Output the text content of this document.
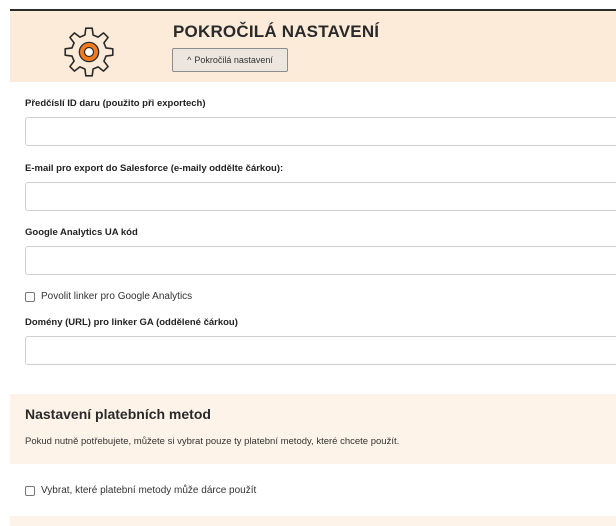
POKROČILÁ NASTAVENÍ
^ Pokročilá nastavení
Předčíslí ID daru (použito při exportech)
E-mail pro export do Salesforce (e-maily oddělte čárkou):
Google Analytics UA kód
Povolit linker pro Google Analytics
Domény (URL) pro linker GA (oddělené čárkou)
Nastavení platebních metod
Pokud nutně potřebujete, můžete si vybrat pouze ty platební metody, které chcete použít.
Vybrat, které platební metody může dárce použít
